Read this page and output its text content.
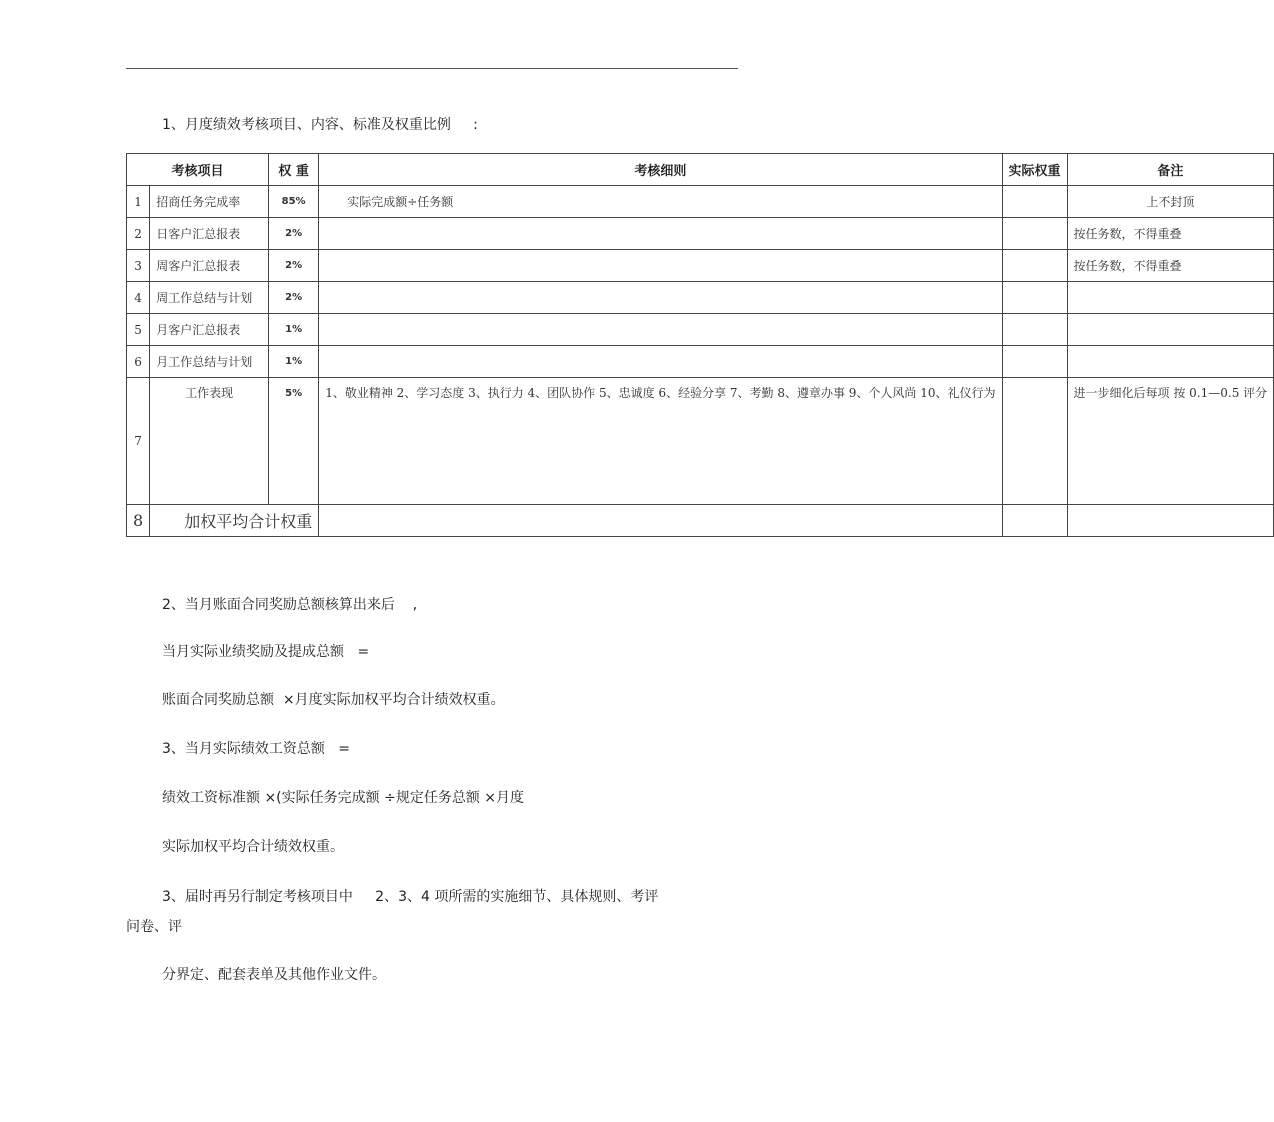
1、月度绩效考核项目、内容、标准及权重比例     :
考核项目		权 重	考核细则	实际权重	备注
1	招商任务完成率	85%	实际完成额÷任务额		上不封顶
2	日客户汇总报表	2%			按任务数，不得重叠
3	周客户汇总报表	2%			按任务数，不得重叠
4	周工作总结与计划	2%			
5	月客户汇总报表	1%			
6	月工作总结与计划	1%			
7	工作表现	5%	1、敬业精神 2、学习态度 3、执行力 4、团队协作 5、忠诚度 6、经验分享 7、考勤 8、遵章办事 9、个人风尚 10、礼仪行为		进一步细化后每项 按 0.1—0.5 评分
8	加权平均合计权重				
2、当月账面合同奖励总额核算出来后    ,
当月实际业绩奖励及提成总额   =
账面合同奖励总额  ×月度实际加权平均合计绩效权重。
3、当月实际绩效工资总额   =
绩效工资标准额 ×(实际任务完成额 ÷规定任务总额 ×月度
实际加权平均合计绩效权重。
3、届时再另行制定考核项目中     2、3、4 项所需的实施细节、具体规则、考评
问卷、评
分界定、配套表单及其他作业文件。
